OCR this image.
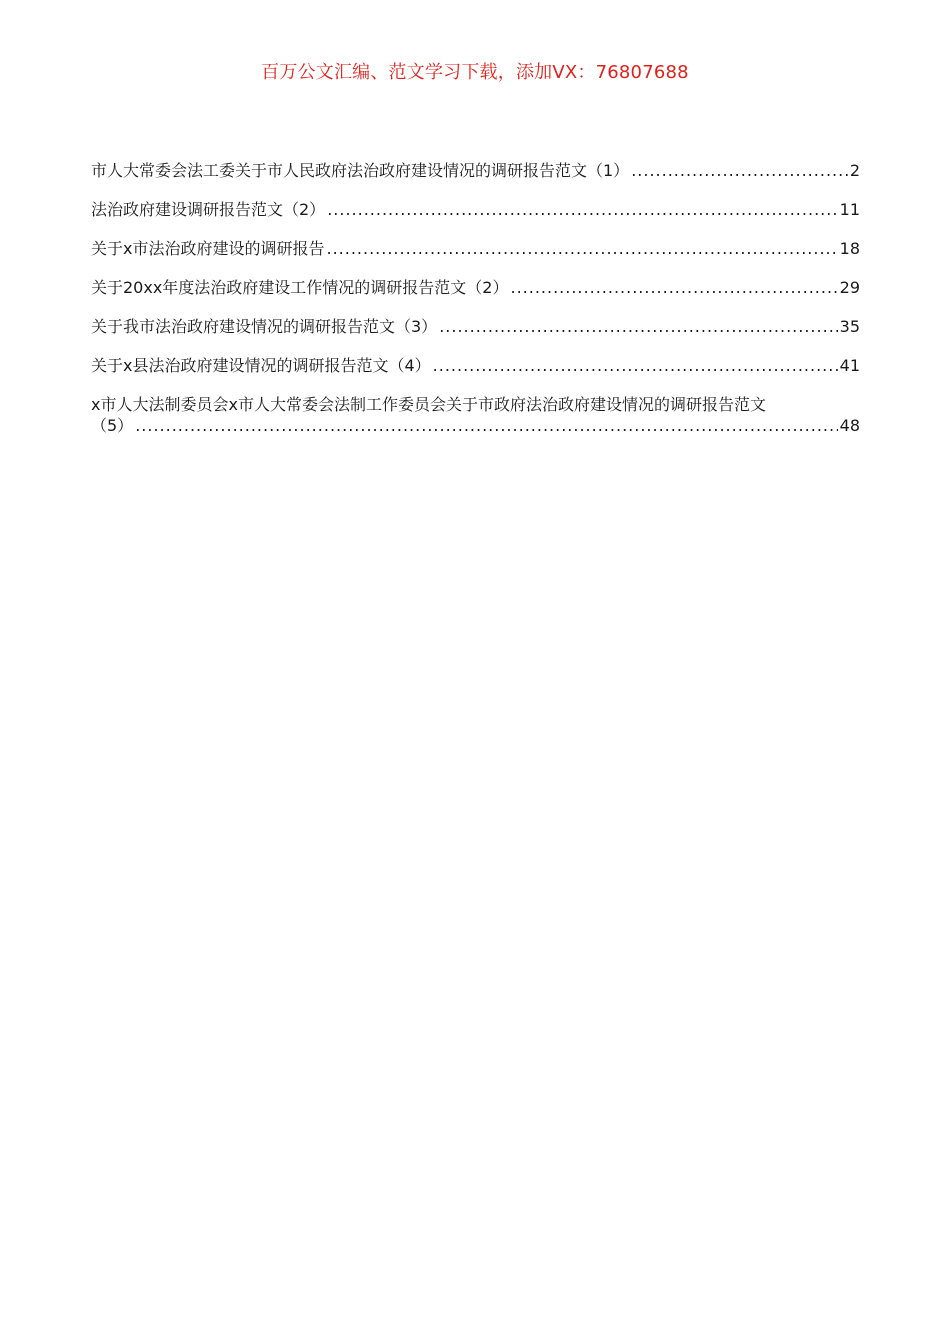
百万公文汇编、范文学习下载，添加VX：76807688
市人大常委会法工委关于市人民政府法治政府建设情况的调研报告范文（1） .....	2
法治政府建设调研报告范文（2） .....	11
关于x市法治政府建设的调研报告 .....	18
关于20xx年度法治政府建设工作情况的调研报告范文（2） .....	29
关于我市法治政府建设情况的调研报告范文（3） .....	35
关于x县法治政府建设情况的调研报告范文（4） .....	41
x市人大法制委员会x市人大常委会法制工作委员会关于市政府法治政府建设情况的调研报告范文
（5） .....	48
